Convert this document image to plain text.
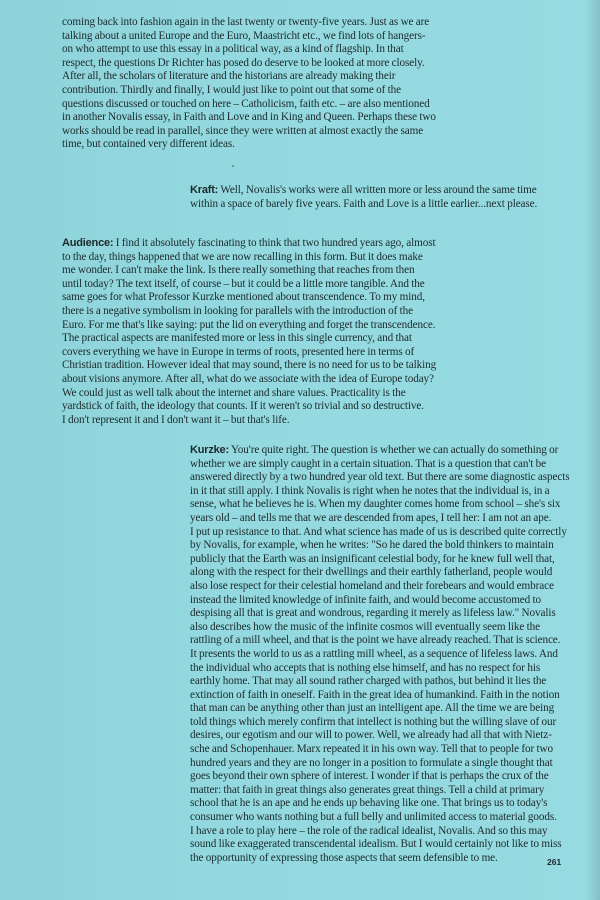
coming back into fashion again in the last twenty or twenty-five years. Just as we are
talking about a united Europe and the Euro, Maastricht etc., we find lots of hangers-
on who attempt to use this essay in a political way, as a kind of flagship. In that
respect, the questions Dr Richter has posed do deserve to be looked at more closely.
After all, the scholars of literature and the historians are already making their
contribution. Thirdly and finally, I would just like to point out that some of the
questions discussed or touched on here – Catholicism, faith etc. – are also mentioned
in another Novalis essay, in Faith and Love and in King and Queen. Perhaps these two
works should be read in parallel, since they were written at almost exactly the same
time, but contained very different ideas.
Kraft: Well, Novalis's works were all written more or less around the same time
within a space of barely five years. Faith and Love is a little earlier...next please.
Audience: I find it absolutely fascinating to think that two hundred years ago, almost
to the day, things happened that we are now recalling in this form. But it does make
me wonder. I can't make the link. Is there really something that reaches from then
until today? The text itself, of course – but it could be a little more tangible. And the
same goes for what Professor Kurzke mentioned about transcendence. To my mind,
there is a negative symbolism in looking for parallels with the introduction of the
Euro. For me that's like saying: put the lid on everything and forget the transcendence.
The practical aspects are manifested more or less in this single currency, and that
covers everything we have in Europe in terms of roots, presented here in terms of
Christian tradition. However ideal that may sound, there is no need for us to be talking
about visions anymore. After all, what do we associate with the idea of Europe today?
We could just as well talk about the internet and share values. Practicality is the
yardstick of faith, the ideology that counts. If it weren't so trivial and so destructive.
I don't represent it and I don't want it – but that's life.
Kurzke: You're quite right. The question is whether we can actually do something or
whether we are simply caught in a certain situation. That is a question that can't be
answered directly by a two hundred year old text. But there are some diagnostic aspects
in it that still apply. I think Novalis is right when he notes that the individual is, in a
sense, what he believes he is. When my daughter comes home from school – she's six
years old – and tells me that we are descended from apes, I tell her: I am not an ape.
I put up resistance to that. And what science has made of us is described quite correctly
by Novalis, for example, when he writes: "So he dared the bold thinkers to maintain
publicly that the Earth was an insignificant celestial body, for he knew full well that,
along with the respect for their dwellings and their earthly fatherland, people would
also lose respect for their celestial homeland and their forebears and would embrace
instead the limited knowledge of infinite faith, and would become accustomed to
despising all that is great and wondrous, regarding it merely as lifeless law." Novalis
also describes how the music of the infinite cosmos will eventually seem like the
rattling of a mill wheel, and that is the point we have already reached. That is science.
It presents the world to us as a rattling mill wheel, as a sequence of lifeless laws. And
the individual who accepts that is nothing else himself, and has no respect for his
earthly home. That may all sound rather charged with pathos, but behind it lies the
extinction of faith in oneself. Faith in the great idea of humankind. Faith in the notion
that man can be anything other than just an intelligent ape. All the time we are being
told things which merely confirm that intellect is nothing but the willing slave of our
desires, our egotism and our will to power. Well, we already had all that with Nietz-
sche and Schopenhauer. Marx repeated it in his own way. Tell that to people for two
hundred years and they are no longer in a position to formulate a single thought that
goes beyond their own sphere of interest. I wonder if that is perhaps the crux of the
matter: that faith in great things also generates great things. Tell a child at primary
school that he is an ape and he ends up behaving like one. That brings us to today's
consumer who wants nothing but a full belly and unlimited access to material goods.
I have a role to play here – the role of the radical idealist, Novalis. And so this may
sound like exaggerated transcendental idealism. But I would certainly not like to miss
the opportunity of expressing those aspects that seem defensible to me.	261
